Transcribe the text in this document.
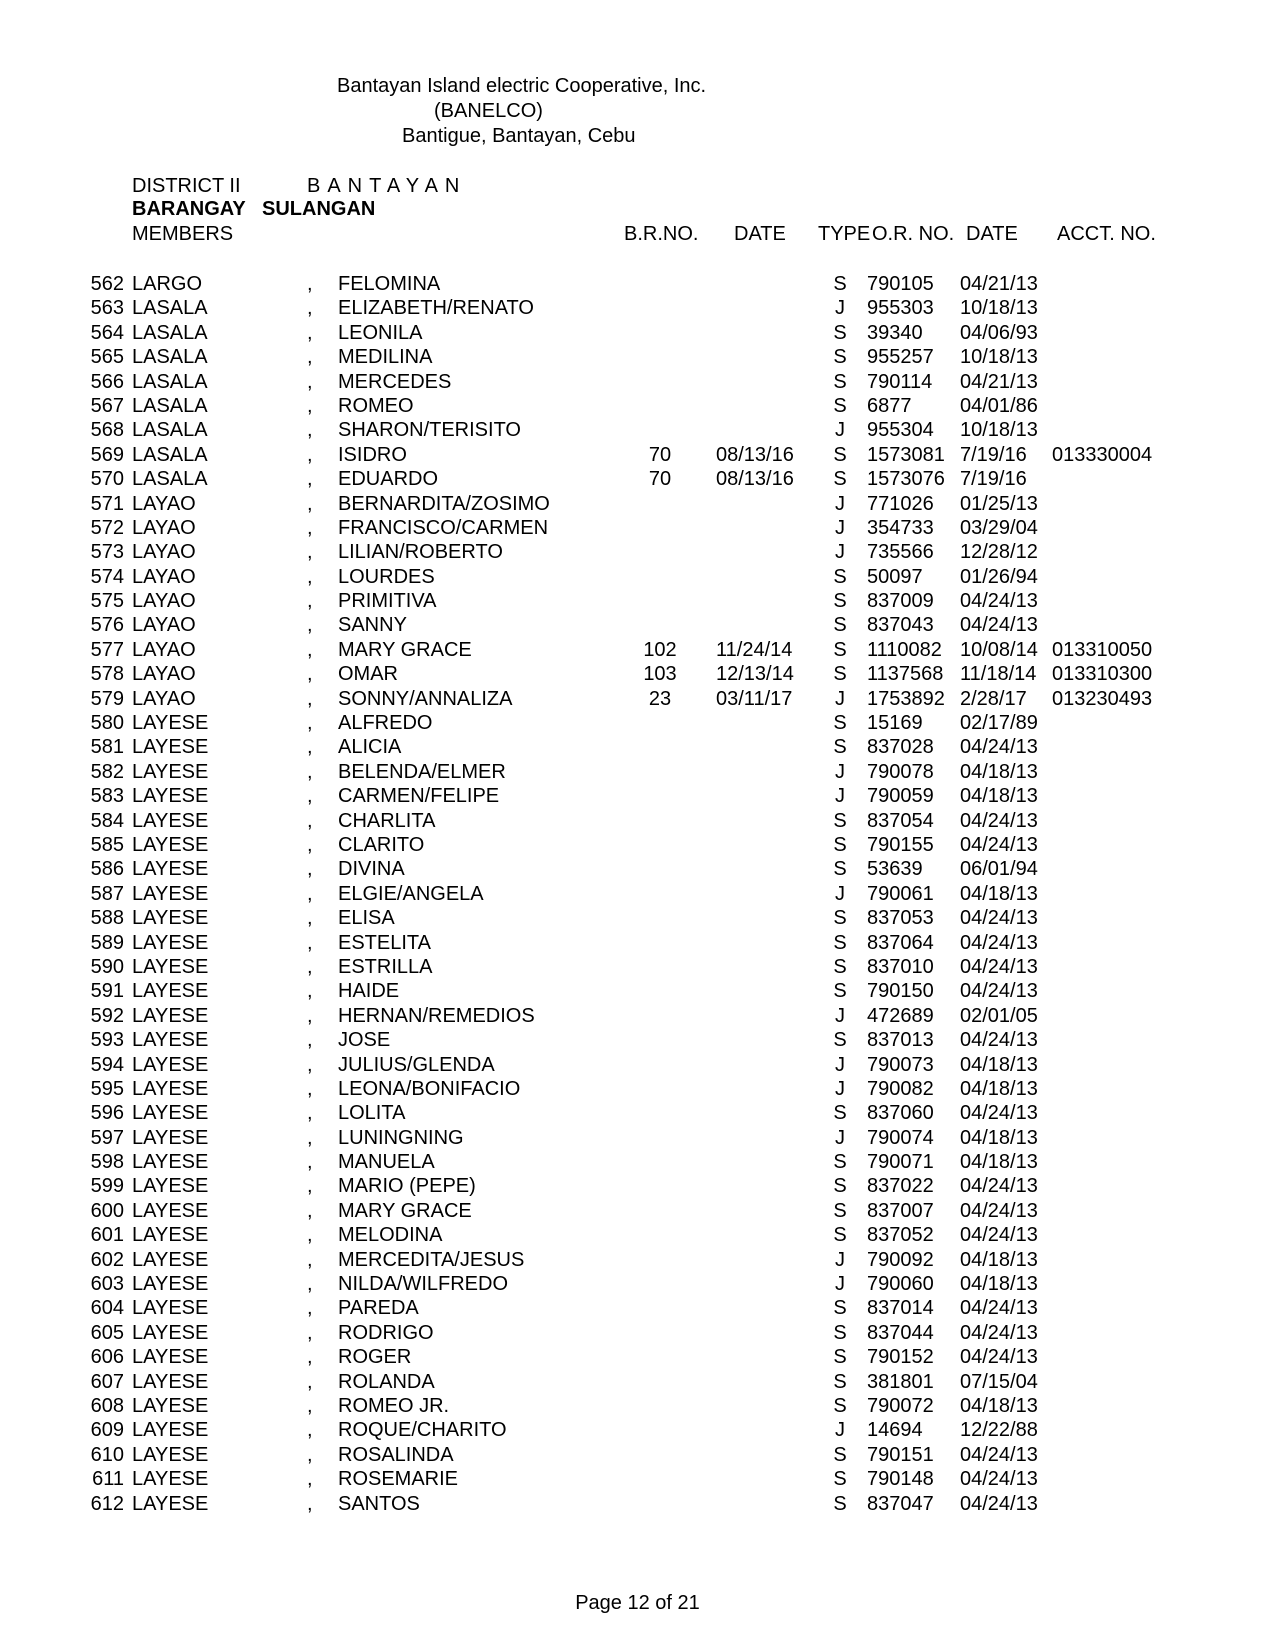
Bantayan Island electric Cooperative, Inc.
(BANELCO)
Bantigue, Bantayan, Cebu
DISTRICT II	BANTAYAN
BARANGAY SULANGAN
MEMBERS	B.R.NO. DATE TYPE O.R. NO. DATE ACCT. NO.
562 LARGO	, FELOMINA	S 790105 04/21/13
563 LASALA	, ELIZABETH/RENATO	J 955303 10/18/13
564 LASALA	, LEONILA	S 39340 04/06/93
565 LASALA	, MEDILINA	S 955257 10/18/13
566 LASALA	, MERCEDES	S 790114 04/21/13
567 LASALA	, ROMEO	S 6877 04/01/86
568 LASALA	, SHARON/TERISITO	J 955304 10/18/13
569 LASALA	, ISIDRO	70	08/13/16 S 1573081 7/19/16 013330004
570 LASALA	, EDUARDO	70	08/13/16 S 1573076 7/19/16
571 LAYAO	, BERNARDITA/ZOSIMO	J 771026 01/25/13
572 LAYAO	, FRANCISCO/CARMEN	J 354733 03/29/04
573 LAYAO	, LILIAN/ROBERTO	J 735566 12/28/12
574 LAYAO	, LOURDES	S 50097 01/26/94
575 LAYAO	, PRIMITIVA	S 837009 04/24/13
576 LAYAO	, SANNY	S 837043 04/24/13
577 LAYAO	, MARY GRACE	102	11/24/14 S 1110082 10/08/14 013310050
578 LAYAO	, OMAR	103	12/13/14 S 1137568 11/18/14 013310300
579 LAYAO	, SONNY/ANNALIZA	23	03/11/17 J 1753892 2/28/17 013230493
580 LAYESE	, ALFREDO	S 15169 02/17/89
581 LAYESE	, ALICIA	S 837028 04/24/13
582 LAYESE	, BELENDA/ELMER	J 790078 04/18/13
583 LAYESE	, CARMEN/FELIPE	J 790059 04/18/13
584 LAYESE	, CHARLITA	S 837054 04/24/13
585 LAYESE	, CLARITO	S 790155 04/24/13
586 LAYESE	, DIVINA	S 53639 06/01/94
587 LAYESE	, ELGIE/ANGELA	J 790061 04/18/13
588 LAYESE	, ELISA	S 837053 04/24/13
589 LAYESE	, ESTELITA	S 837064 04/24/13
590 LAYESE	, ESTRILLA	S 837010 04/24/13
591 LAYESE	, HAIDE	S 790150 04/24/13
592 LAYESE	, HERNAN/REMEDIOS	J 472689 02/01/05
593 LAYESE	, JOSE	S 837013 04/24/13
594 LAYESE	, JULIUS/GLENDA	J 790073 04/18/13
595 LAYESE	, LEONA/BONIFACIO	J 790082 04/18/13
596 LAYESE	, LOLITA	S 837060 04/24/13
597 LAYESE	, LUNINGNING	J 790074 04/18/13
598 LAYESE	, MANUELA	S 790071 04/18/13
599 LAYESE	, MARIO (PEPE)	S 837022 04/24/13
600 LAYESE	, MARY GRACE	S 837007 04/24/13
601 LAYESE	, MELODINA	S 837052 04/24/13
602 LAYESE	, MERCEDITA/JESUS	J 790092 04/18/13
603 LAYESE	, NILDA/WILFREDO	J 790060 04/18/13
604 LAYESE	, PAREDA	S 837014 04/24/13
605 LAYESE	, RODRIGO	S 837044 04/24/13
606 LAYESE	, ROGER	S 790152 04/24/13
607 LAYESE	, ROLANDA	S 381801 07/15/04
608 LAYESE	, ROMEO JR.	S 790072 04/18/13
609 LAYESE	, ROQUE/CHARITO	J 14694 12/22/88
610 LAYESE	, ROSALINDA	S 790151 04/24/13
611 LAYESE	, ROSEMARIE	S 790148 04/24/13
612 LAYESE	, SANTOS	S 837047 04/24/13
Page 12 of 21
